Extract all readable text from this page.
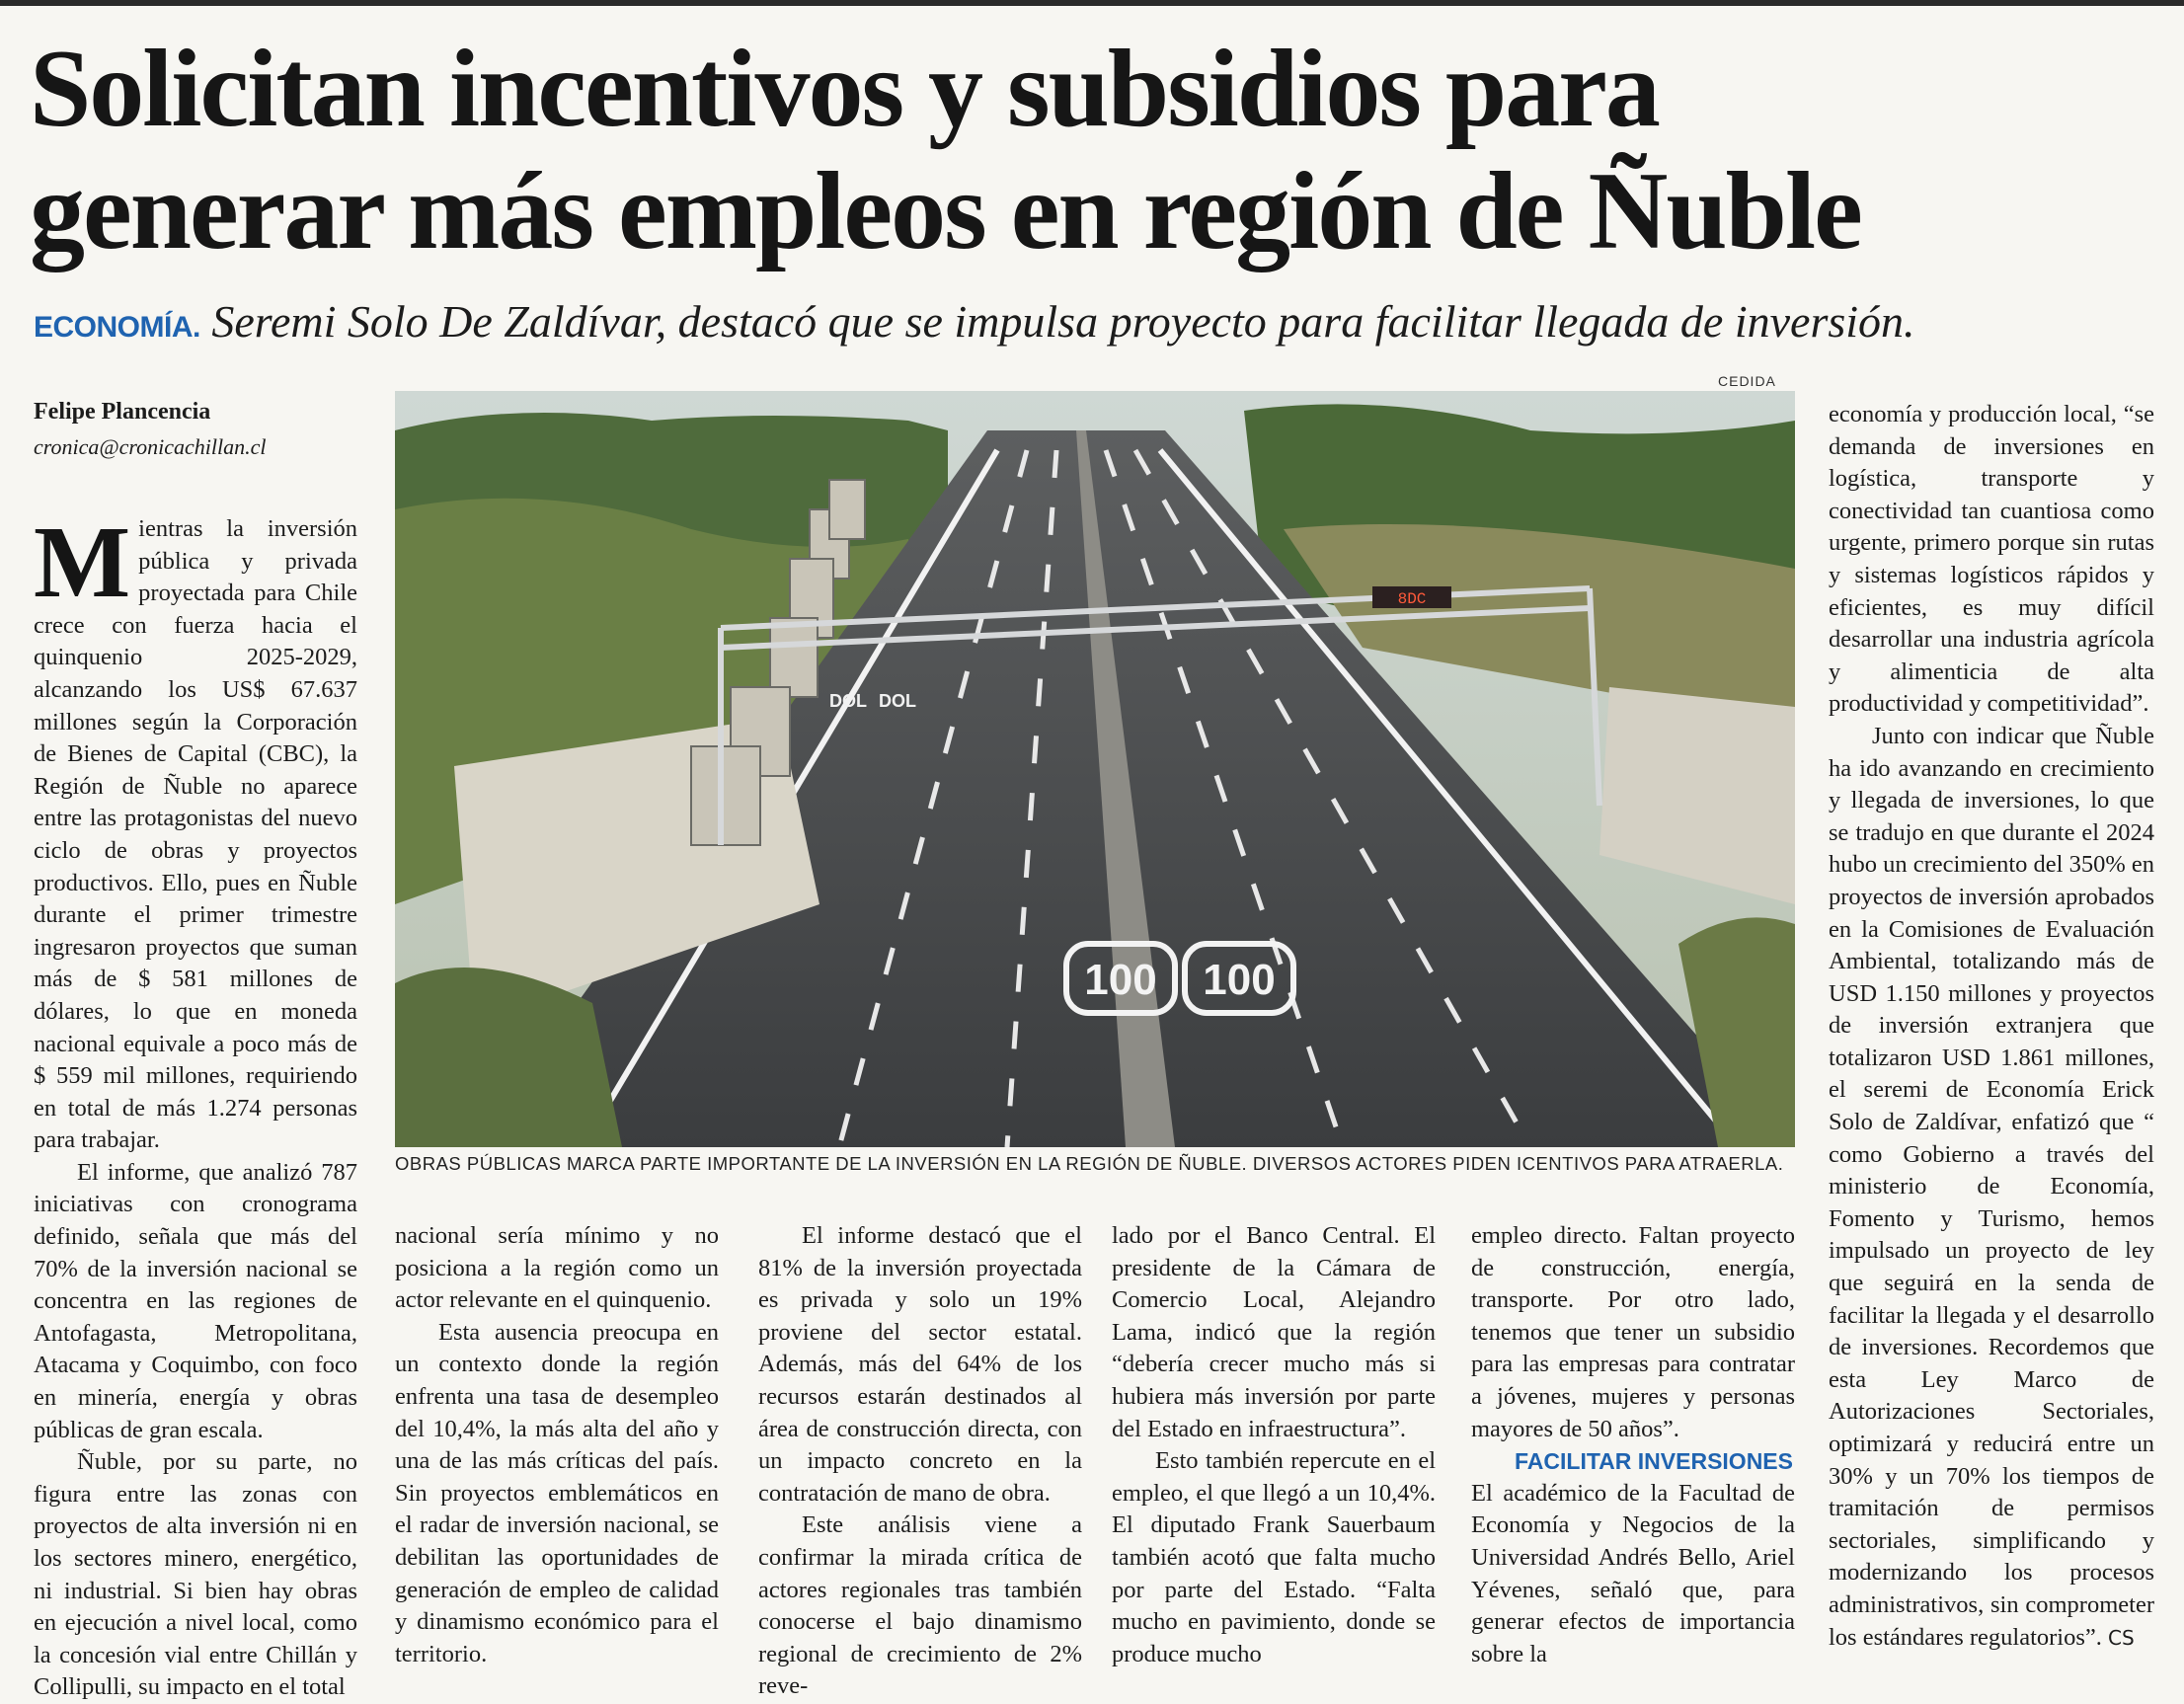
Solicitan incentivos y subsidios para
generar más empleos en región de Ñuble
ECONOMÍA. Seremi Solo De Zaldívar, destacó que se impulsa proyecto para facilitar llegada de inversión.
Felipe Plancencia
cronica@cronicachillan.cl

Mientras la inversión pública y privada proyectada para Chile crece con fuerza hacia el quinquenio 2025-2029, alcanzando los US$ 67.637 millones según la Corporación de Bienes de Capital (CBC), la Región de Ñuble no aparece entre las protagonistas del nuevo ciclo de obras y proyectos productivos. Ello, pues en Ñuble durante el primer trimestre ingresaron proyectos que suman más de $ 581 millones de dólares, lo que en moneda nacional equivale a poco más de $ 559 mil millones, requiriendo en total de más 1.274 personas para trabajar.

El informe, que analizó 787 iniciativas con cronograma definido, señala que más del 70% de la inversión nacional se concentra en las regiones de Antofagasta, Metropolitana, Atacama y Coquimbo, con foco en minería, energía y obras públicas de gran escala.

Ñuble, por su parte, no figura entre las zonas con proyectos de alta inversión ni en los sectores minero, energético, ni industrial. Si bien hay obras en ejecución a nivel local, como la concesión vial entre Chillán y Collipulli, su impacto en el total

CEDIDA
8DC
DOL DOL
100 100
OBRAS PÚBLICAS MARCA PARTE IMPORTANTE DE LA INVERSIÓN EN LA REGIÓN DE ÑUBLE. DIVERSOS ACTORES PIDEN ICENTIVOS PARA ATRAERLA.

nacional sería mínimo y no posiciona a la región como un actor relevante en el quinquenio.

Esta ausencia preocupa en un contexto donde la región enfrenta una tasa de desempleo del 10,4%, la más alta del año y una de las más críticas del país. Sin proyectos emblemáticos en el radar de inversión nacional, se debilitan las oportunidades de generación de empleo de calidad y dinamismo económico para el territorio.

El informe destacó que el 81% de la inversión proyectada es privada y solo un 19% proviene del sector estatal. Además, más del 64% de los recursos estarán destinados al área de construcción directa, con un impacto concreto en la contratación de mano de obra.

Este análisis viene a confirmar la mirada crítica de actores regionales tras también conocerse el bajo dinamismo regional de crecimiento de 2% reve-

lado por el Banco Central. El presidente de la Cámara de Comercio Local, Alejandro Lama, indicó que la región “debería crecer mucho más si hubiera más inversión por parte del Estado en infraestructura”.

Esto también repercute en el empleo, el que llegó a un 10,4%. El diputado Frank Sauerbaum también acotó que falta mucho por parte del Estado. “Falta mucho en pavimiento, donde se produce mucho

empleo directo. Faltan proyecto de construcción, energía, transporte. Por otro lado, tenemos que tener un subsidio para las empresas para contratar a jóvenes, mujeres y personas mayores de 50 años”.

FACILITAR INVERSIONES

El académico de la Facultad de Economía y Negocios de la Universidad Andrés Bello, Ariel Yévenes, señaló que, para generar efectos de importancia sobre la

economía y producción local, “se demanda de inversiones en logística, transporte y conectividad tan cuantiosa como urgente, primero porque sin rutas y sistemas logísticos rápidos y eficientes, es muy difícil desarrollar una industria agrícola y alimenticia de alta productividad y competitividad”.

Junto con indicar que Ñuble ha ido avanzando en crecimiento y llegada de inversiones, lo que se tradujo en que durante el 2024 hubo un crecimiento del 350% en proyectos de inversión aprobados en la Comisiones de Evaluación Ambiental, totalizando más de USD 1.150 millones y proyectos de inversión extranjera que totalizaron USD 1.861 millones, el seremi de Economía Erick Solo de Zaldívar, enfatizó que “ como Gobierno a través del ministerio de Economía, Fomento y Turismo, hemos impulsado un proyecto de ley que seguirá en la senda de facilitar la llegada y el desarrollo de inversiones. Recordemos que esta Ley Marco de Autorizaciones Sectoriales, optimizará y reducirá entre un 30% y un 70% los tiempos de tramitación de permisos sectoriales, simplificando y modernizando los procesos administrativos, sin comprometer los estándares regulatorios”. CS
